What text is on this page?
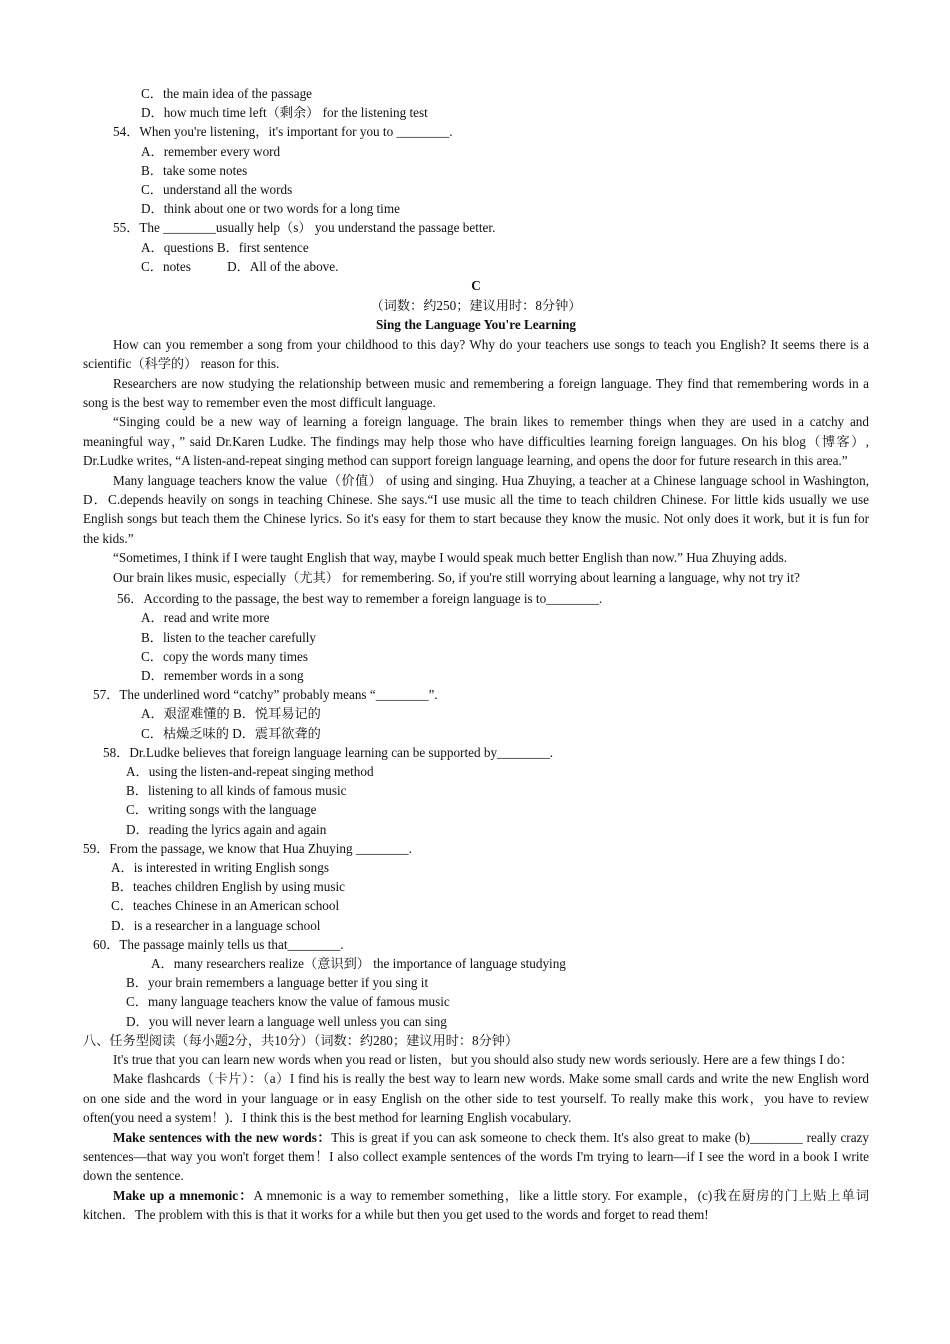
C．the main idea of the passage
D．how much time left（剩余） for the listening test
54．When you're listening，it's important for you to ________.
A．remember every word
B．take some notes
C．understand all the words
D．think about one or two words for a long time
55．The ________usually help（s） you understand the passage better.
A．questions B．first sentence
C．notes           D．All of the above.
C
（词数：约250；建议用时：8分钟）
Sing the Language You're Learning

How can you remember a song from your childhood to this day? Why do your teachers use songs to teach you English? It seems there is a scientific（科学的） reason for this.

Researchers are now studying the relationship between music and remembering a foreign language. They find that remembering words in a song is the best way to remember even the most difficult language.

“Singing could be a new way of learning a foreign language. The brain likes to remember things when they are used in a catchy and meaningful way，” said Dr.Karen Ludke. The findings may help those who have difficulties learning foreign languages. On his blog（博客）, Dr.Ludke writes, “A listen-and-repeat singing method can support foreign language learning, and opens the door for future research in this area.”

Many language teachers know the value（价值） of using and singing. Hua Zhuying, a teacher at a Chinese language school in Washington, D．C.depends heavily on songs in teaching Chinese. She says.“I use music all the time to teach children Chinese. For little kids usually we use English songs but teach them the Chinese lyrics. So it's easy for them to start because they know the music. Not only does it work, but it is fun for the kids.”

“Sometimes, I think if I were taught English that way, maybe I would speak much better English than now.” Hua Zhuying adds.

Our brain likes music, especially（尤其） for remembering. So, if you're still worrying about learning a language, why not try it?

56．According to the passage, the best way to remember a foreign language is to________.
A．read and write more
B．listen to the teacher carefully
C．copy the words many times
D．remember words in a song
57．The underlined word “catchy” probably means “________”.
A．艰涩难懂的 B．悦耳易记的
C．枯燥乏味的 D．震耳欲聋的
58．Dr.Ludke believes that foreign language learning can be supported by________.
A．using the listen-and-repeat singing method
B．listening to all kinds of famous music
C．writing songs with the language
D．reading the lyrics again and again
59．From the passage, we know that Hua Zhuying ________.
A．is interested in writing English songs
B．teaches children English by using music
C．teaches Chinese in an American school
D．is a researcher in a language school
60．The passage mainly tells us that________.
A．many researchers realize（意识到） the importance of language studying
B．your brain remembers a language better if you sing it
C．many language teachers know the value of famous music
D．you will never learn a language well unless you can sing
八、任务型阅读（每小题2分，共10分）（词数：约280；建议用时：8分钟）

It's true that you can learn new words when you read or listen，but you should also study new words seriously. Here are a few things I do：

Make flashcards（卡片）：（a）I find his is really the best way to learn new words. Make some small cards and write the new English word on one side and the word in your language or in easy English on the other side to test yourself. To really make this work，you have to review often(you need a system！)．I think this is the best method for learning English vocabulary.

Make sentences with the new words：This is great if you can ask someone to check them. It's also great to make (b)________ really crazy sentences—that way you won't forget them！I also collect example sentences of the words I'm trying to learn—if I see the word in a book I write down the sentence.

Make up a mnemonic：A mnemonic is a way to remember something，like a little story. For example，(c)我在厨房的门上贴上单词kitchen．The problem with this is that it works for a while but then you get used to the words and forget to read them!
